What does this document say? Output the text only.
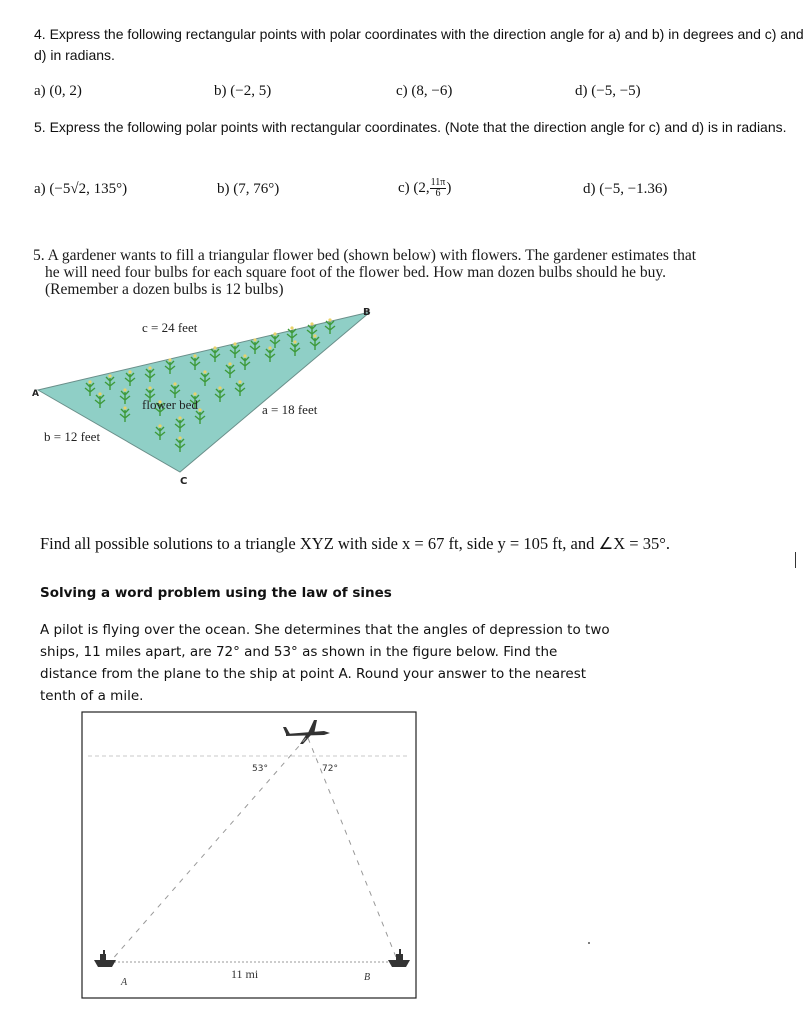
4. Express the following rectangular points with polar coordinates with the direction angle for a) and b) in degrees and c) and d) in radians.
a) (0, 2)	b) (−2, 5)	c) (8, −6)	d) (−5, −5)
5. Express the following polar points with rectangular coordinates. (Note that the direction angle for c) and d) is in radians.
a) (−5√2, 135°)	b) (7, 76°)	c) (2, $\frac{11\pi}{6}$ )	d) (−5, −1.36)
5. A gardener wants to fill a triangular flower bed (shown below) with flowers. The gardener estimates that
he will need four bulbs for each square foot of the flower bed. How man dozen bulbs should he buy.
(Remember a dozen bulbs is 12 bulbs)
A
B
C
c = 24 feet
a = 18 feet
b = 12 feet
flower bed
Find all possible solutions to a triangle XYZ with side x = 67 ft, side y = 105 ft, and ∠X = 35°.
Solving a word problem using the law of sines
A pilot is flying over the ocean. She determines that the angles of depression to two
ships, 11 miles apart, are 72° and 53° as shown in the figure below. Find the
distance from the plane to the ship at point A. Round your answer to the nearest
tenth of a mile.
53°	72°
11 mi
A	B
